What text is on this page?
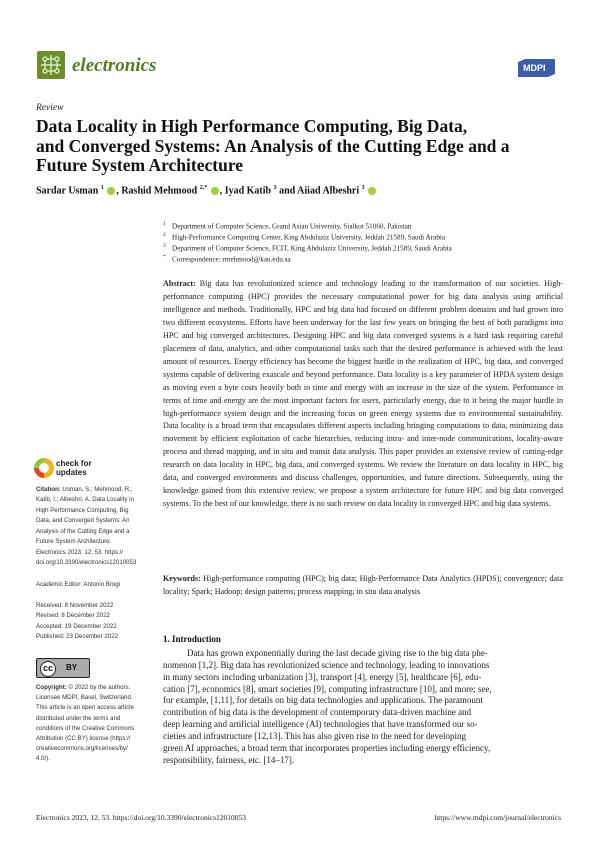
electronics	MDPI
Review
Data Locality in High Performance Computing, Big Data,
and Converged Systems: An Analysis of the Cutting Edge and a
Future System Architecture
Sardar Usman $^1$ , Rashid Mehmood $^{2,*}$ , Iyad Katib $^3$ and Aiiad Albeshri $^3$
$^1$ Department of Computer Science, Grand Asian University, Sialkot 51060, Pakistan
$^2$ High-Performance Computing Center, King Abdulaziz University, Jeddah 21589, Saudi Arabia
$^3$ Department of Computer Science, FCIT, King Abdulaziz University, Jeddah 21589, Saudi Arabia
* Correspondence: rmehmood@kau.edu.sa
Abstract: Big data has revolutionized science and technology leading to the transformation of our societies. High-performance computing (HPC) provides the necessary computational power for big data analysis using artificial intelligence and methods. Traditionally, HPC and big data had focused on different problem domains and had grown into two different ecosystems. Efforts have been underway for the last few years on bringing the best of both paradigms into HPC and big converged architectures. Designing HPC and big data converged systems is a hard task requiring careful placement of data, analytics, and other computational tasks such that the desired performance is achieved with the least amount of resources. Energy efficiency has become the biggest hurdle in the realization of HPC, big data, and converged systems capable of delivering exascale and beyond performance. Data locality is a key parameter of HPDA system design as moving even a byte costs heavily both in time and energy with an increase in the size of the system. Performance in terms of time and energy are the most important factors for users, particularly energy, due to it being the major hurdle in high-performance system design and the increasing focus on green energy systems due to environmental sustainability. Data locality is a broad term that encapsulates different aspects including bringing computations to data, minimizing data movement by efficient exploitation of cache hierarchies, reducing intra- and inter-node communications, locality-aware process and thread mapping, and in situ and transit data analysis. This paper provides an extensive review of cutting-edge research on data locality in HPC, big data, and converged systems. We review the literature on data locality in HPC, big data, and converged environments and discuss challenges, opportunities, and future directions. Subsequently, using the knowledge gained from this extensive review, we propose a system architecture for future HPC and big data converged systems. To the best of our knowledge, there is no such review on data locality in converged HPC and big data systems.
Keywords: High-performance computing (HPC); big data; High-Performance Data Analytics (HPDS); convergence; data locality; Spark; Hadoop; design patterns; process mapping; in situ data analysis
1. Introduction
Data has grown exponentially during the last decade giving rise to the big data phe-
nomenon [1,2]. Big data has revolutionized science and technology, leading to innovations
in many sectors including urbanization [3], transport [4], energy [5], healthcare [6], edu-
cation [7], economics [8], smart societies [9], computing infrastructure [10], and more; see,
for example, [1,11], for details on big data technologies and applications. The paramount
contribution of big data is the development of contemporary data-driven machine and
deep learning and artificial intelligence (AI) technologies that have transformed our so-
cieties and infrastructure [12,13]. This has also given rise to the need for developing
green AI approaches, a broad term that incorporates properties including energy efficiency,
responsibility, fairness, etc. [14–17].
check for
updates
Citation: Usman, S.; Mehmood, R.;
Katib, I.; Albeshri, A. Data Locality in
High Performance Computing, Big
Data, and Converged Systems: An
Analysis of the Cutting Edge and a
Future System Architecture.
Electronics 2023, 12, 53. https://
doi.org/10.3390/electronics12010053
Academic Editor: Antonio Brogi
Received: 8 November 2022
Revised: 8 December 2022
Accepted: 19 December 2022
Published: 23 December 2022
cc	BY
Copyright: © 2022 by the authors.
Licensee MDPI, Basel, Switzerland.
This article is an open access article
distributed under the terms and
conditions of the Creative Commons
Attribution (CC BY) license (https://
creativecommons.org/licenses/by/
4.0/).
Electronics 2023, 12, 53. https://doi.org/10.3390/electronics12010053	https://www.mdpi.com/journal/electronics
